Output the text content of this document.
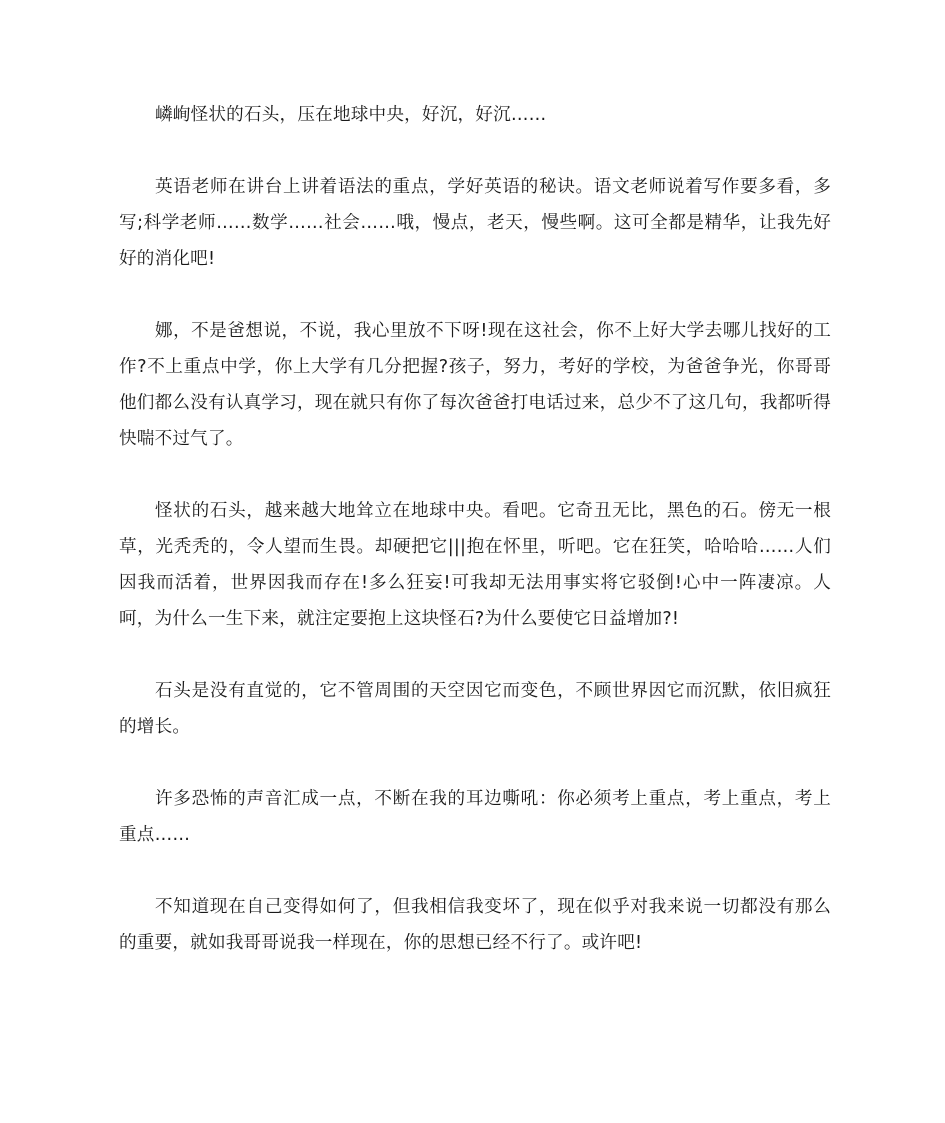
嶙峋怪状的石头，压在地球中央，好沉，好沉……

英语老师在讲台上讲着语法的重点，学好英语的秘诀。语文老师说着写作要多看，多写;科学老师……数学……社会……哦，慢点，老天，慢些啊。这可全都是精华，让我先好好的消化吧!

娜，不是爸想说，不说，我心里放不下呀!现在这社会，你不上好大学去哪儿找好的工作?不上重点中学，你上大学有几分把握?孩子，努力，考好的学校，为爸爸争光，你哥哥他们都么没有认真学习，现在就只有你了每次爸爸打电话过来，总少不了这几句，我都听得快喘不过气了。

怪状的石头，越来越大地耸立在地球中央。看吧。它奇丑无比，黑色的石。傍无一根草，光秃秃的，令人望而生畏。却硬把它|||抱在怀里，听吧。它在狂笑，哈哈哈……人们因我而活着，世界因我而存在!多么狂妄!可我却无法用事实将它驳倒!心中一阵凄凉。人呵，为什么一生下来，就注定要抱上这块怪石?为什么要使它日益增加?!

石头是没有直觉的，它不管周围的天空因它而变色，不顾世界因它而沉默，依旧疯狂的增长。

许多恐怖的声音汇成一点，不断在我的耳边嘶吼：你必须考上重点，考上重点，考上重点……

不知道现在自己变得如何了，但我相信我变坏了，现在似乎对我来说一切都没有那么的重要，就如我哥哥说我一样现在，你的思想已经不行了。或许吧!
